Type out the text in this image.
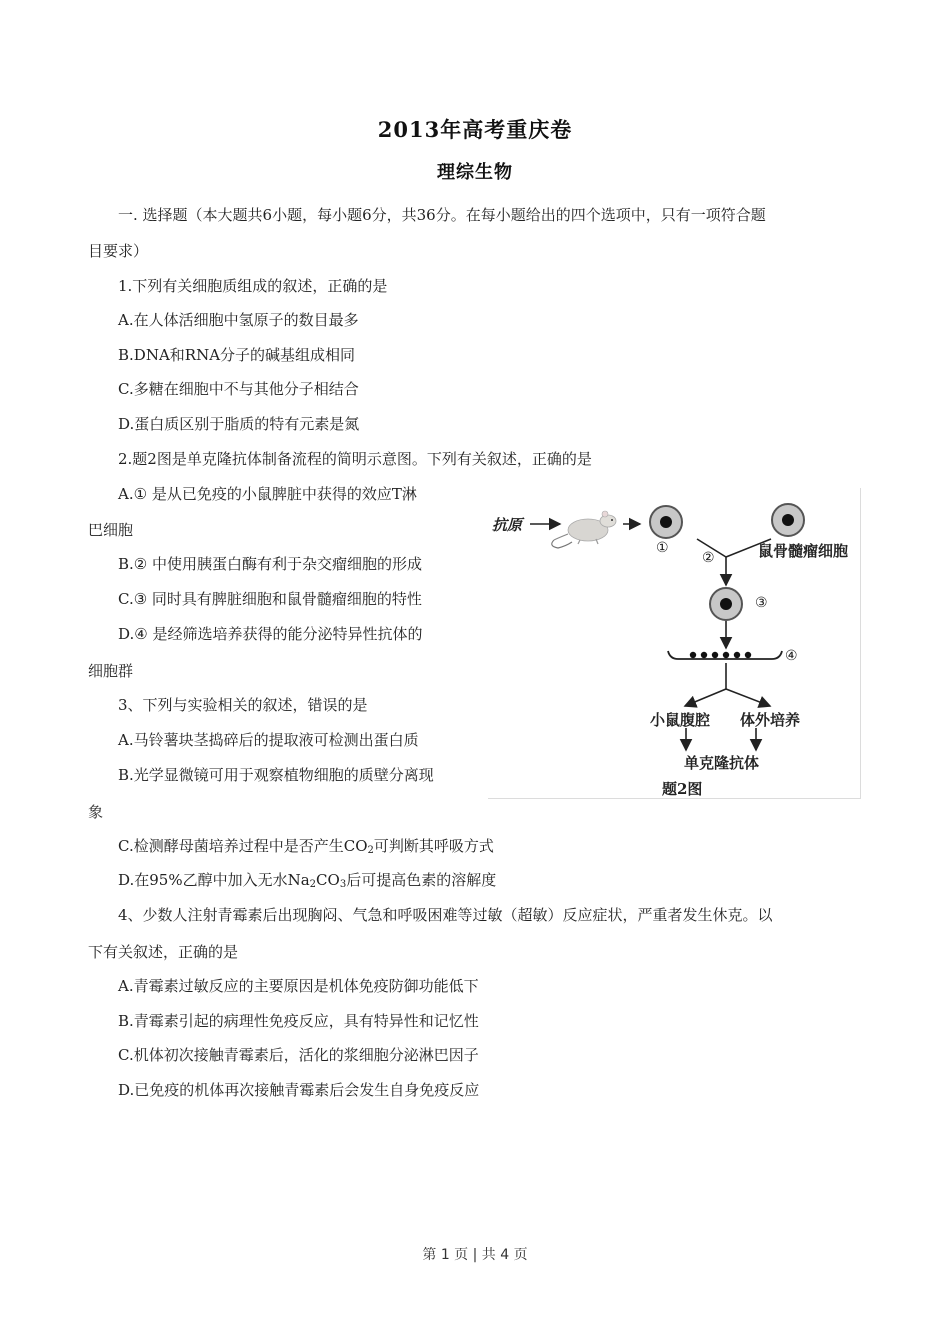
2013年高考重庆卷
理综生物
一. 选择题（本大题共6小题，每小题6分，共36分。在每小题给出的四个选项中，只有一项符合题
目要求）
1.下列有关细胞质组成的叙述，正确的是
A.在人体活细胞中氢原子的数目最多
B.DNA和RNA分子的碱基组成相同
C.多糖在细胞中不与其他分子相结合
D.蛋白质区别于脂质的特有元素是氮
2.题2图是单克隆抗体制备流程的简明示意图。下列有关叙述，正确的是
A.① 是从已免疫的小鼠脾脏中获得的效应T淋
巴细胞
B.② 中使用胰蛋白酶有利于杂交瘤细胞的形成
C.③ 同时具有脾脏细胞和鼠骨髓瘤细胞的特性
D.④ 是经筛选培养获得的能分泌特异性抗体的
细胞群
3、下列与实验相关的叙述，错误的是
A.马铃薯块茎捣碎后的提取液可检测出蛋白质
B.光学显微镜可用于观察植物细胞的质壁分离现
象
C.检测酵母菌培养过程中是否产生$CO_2$可判断其呼吸方式
D.在95%乙醇中加入无水$Na_2CO_3$后可提高色素的溶解度
4、少数人注射青霉素后出现胸闷、气急和呼吸困难等过敏（超敏）反应症状，严重者发生休克。以
下有关叙述，正确的是
A.青霉素过敏反应的主要原因是机体免疫防御功能低下
B.青霉素引起的病理性免疫反应，具有特异性和记忆性
C.机体初次接触青霉素后，活化的浆细胞分泌淋巴因子
D.已免疫的机体再次接触青霉素后会发生自身免疫反应
抗原
①	鼠骨髓瘤细胞
②
③
④
小鼠腹腔 体外培养
单克隆抗体
题2图
第 1 页 | 共 4 页
